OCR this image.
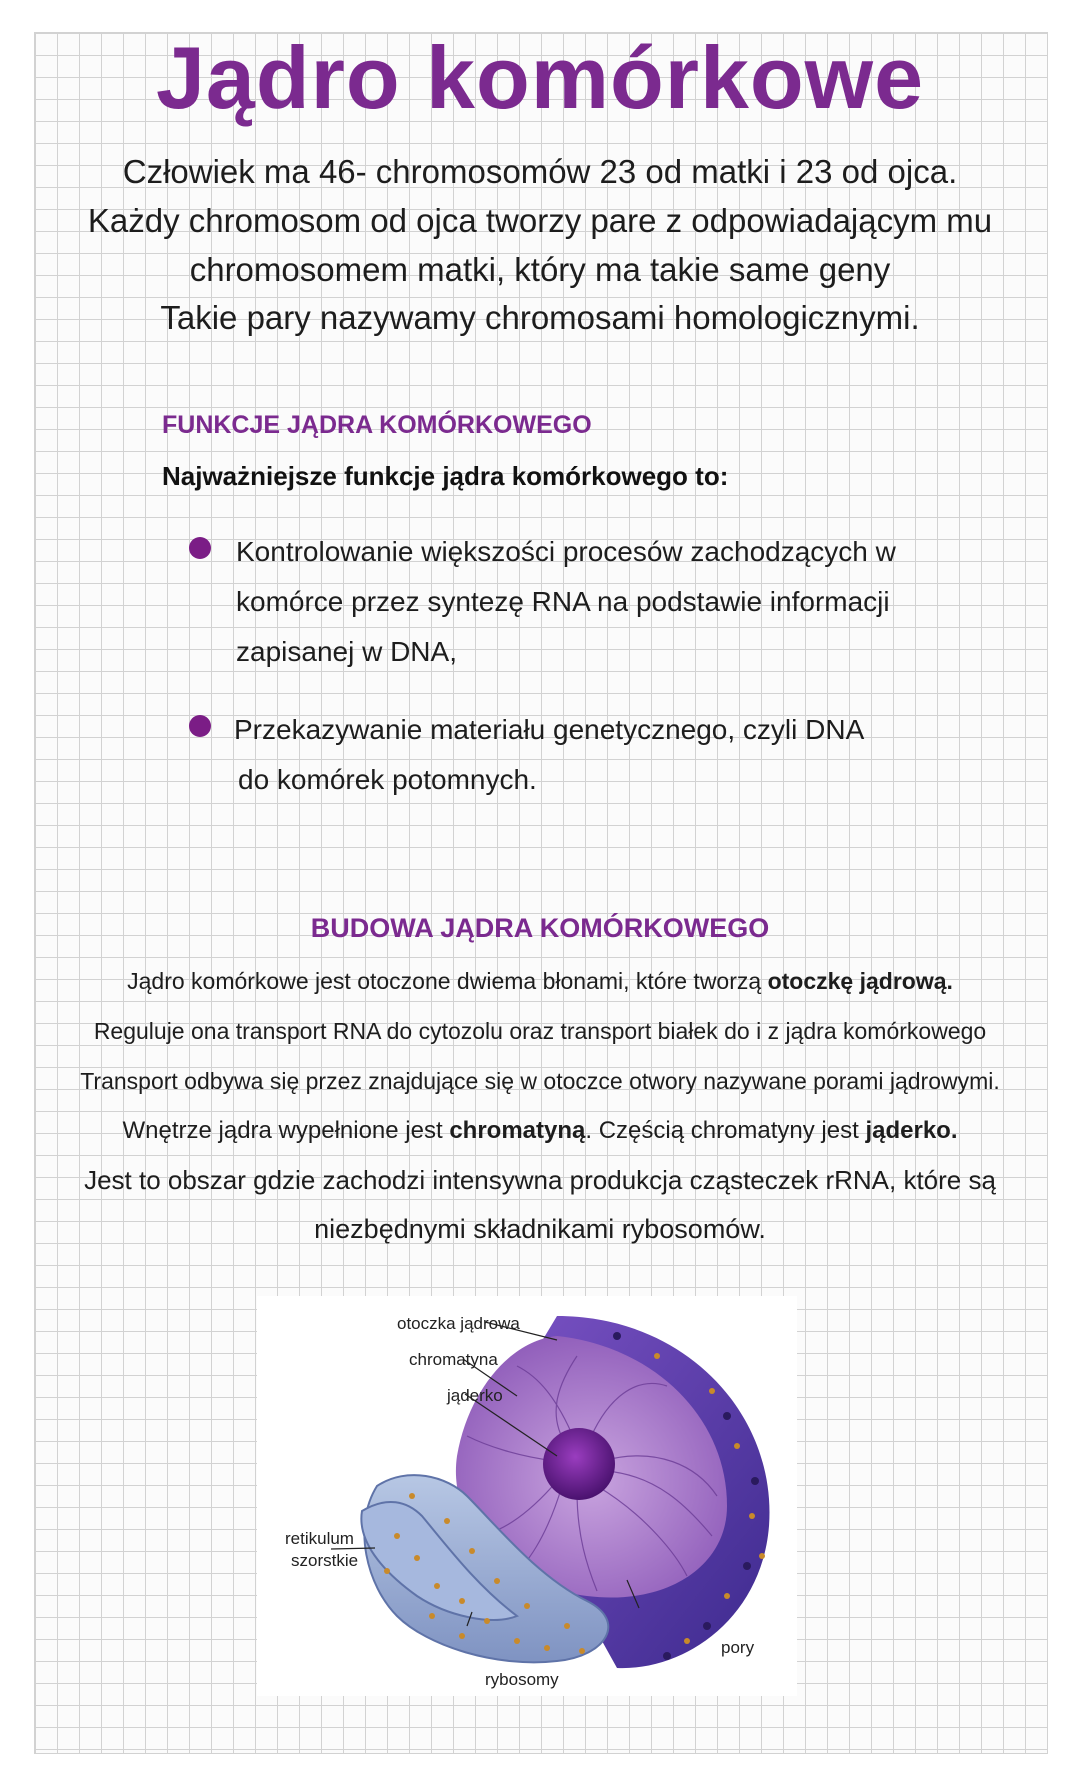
Jądro komórkowe
Człowiek ma 46- chromosomów 23 od matki i 23 od ojca.
Każdy chromosom od ojca tworzy pare z odpowiadającym mu
chromosomem matki, który ma takie same geny
Takie pary nazywamy chromosami homologicznymi.
FUNKCJE JĄDRA KOMÓRKOWEGO
Najważniejsze funkcje jądra komórkowego to:
Kontrolowanie większości procesów zachodzących w
komórce przez syntezę RNA na podstawie informacji
zapisanej w DNA,
Przekazywanie materiału genetycznego, czyli DNA
do komórek potomnych.
BUDOWA JĄDRA KOMÓRKOWEGO
Jądro komórkowe jest otoczone dwiema błonami, które tworzą otoczkę jądrową.
Reguluje ona transport RNA do cytozolu oraz transport białek do i z jądra komórkowego
Transport odbywa się przez znajdujące się w otoczce otwory nazywane porami jądrowymi.
Wnętrze jądra wypełnione jest chromatyną. Częścią chromatyny jest jąderko.
Jest to obszar gdzie zachodzi intensywna produkcja cząsteczek rRNA, które są
niezbędnymi składnikami rybosomów.
otoczka jądrowa
chromatyna
jąderko
retikulum
szorstkie
pory
rybosomy
